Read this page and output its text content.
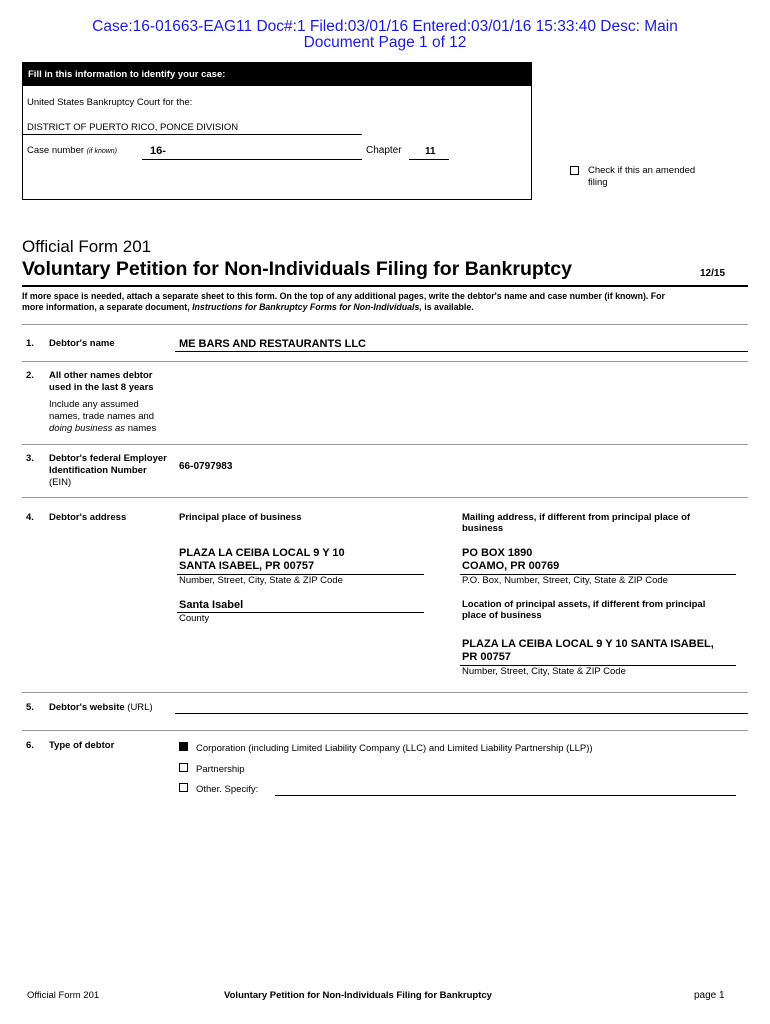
Case:16-01663-EAG11 Doc#:1 Filed:03/01/16 Entered:03/01/16 15:33:40 Desc: Main
Document Page 1 of 12
Fill in this information to identify your case:
United States Bankruptcy Court for the:
DISTRICT OF PUERTO RICO, PONCE DIVISION
Case number (if known)	16-	Chapter 11
Check if this an amended
filing
Official Form 201
Voluntary Petition for Non-Individuals Filing for Bankruptcy	12/15
If more space is needed, attach a separate sheet to this form. On the top of any additional pages, write the debtor's name and case number (if known). For
more information, a separate document, Instructions for Bankruptcy Forms for Non-Individuals, is available.
1. Debtor's name	ME BARS AND RESTAURANTS LLC
2. All other names debtor
used in the last 8 years
Include any assumed
names, trade names and
doing business as names
3. Debtor's federal Employer
Identification Number
(EIN)
66-0797983
4. Debtor's address	Principal place of business
PLAZA LA CEIBA LOCAL 9 Y 10
SANTA ISABEL, PR 00757
Number, Street, City, State & ZIP Code
Santa Isabel
County
Mailing address, if different from principal place of
business
PO BOX 1890
COAMO, PR 00769
P.O. Box, Number, Street, City, State & ZIP Code
Location of principal assets, if different from principal
place of business
PLAZA LA CEIBA LOCAL 9 Y 10 SANTA ISABEL,
PR 00757
Number, Street, City, State & ZIP Code
5. Debtor's website (URL)
6. Type of debtor	Corporation (including Limited Liability Company (LLC) and Limited Liability Partnership (LLP))
Partnership
Other. Specify:
Official Form 201	Voluntary Petition for Non-Individuals Filing for Bankruptcy	page 1
